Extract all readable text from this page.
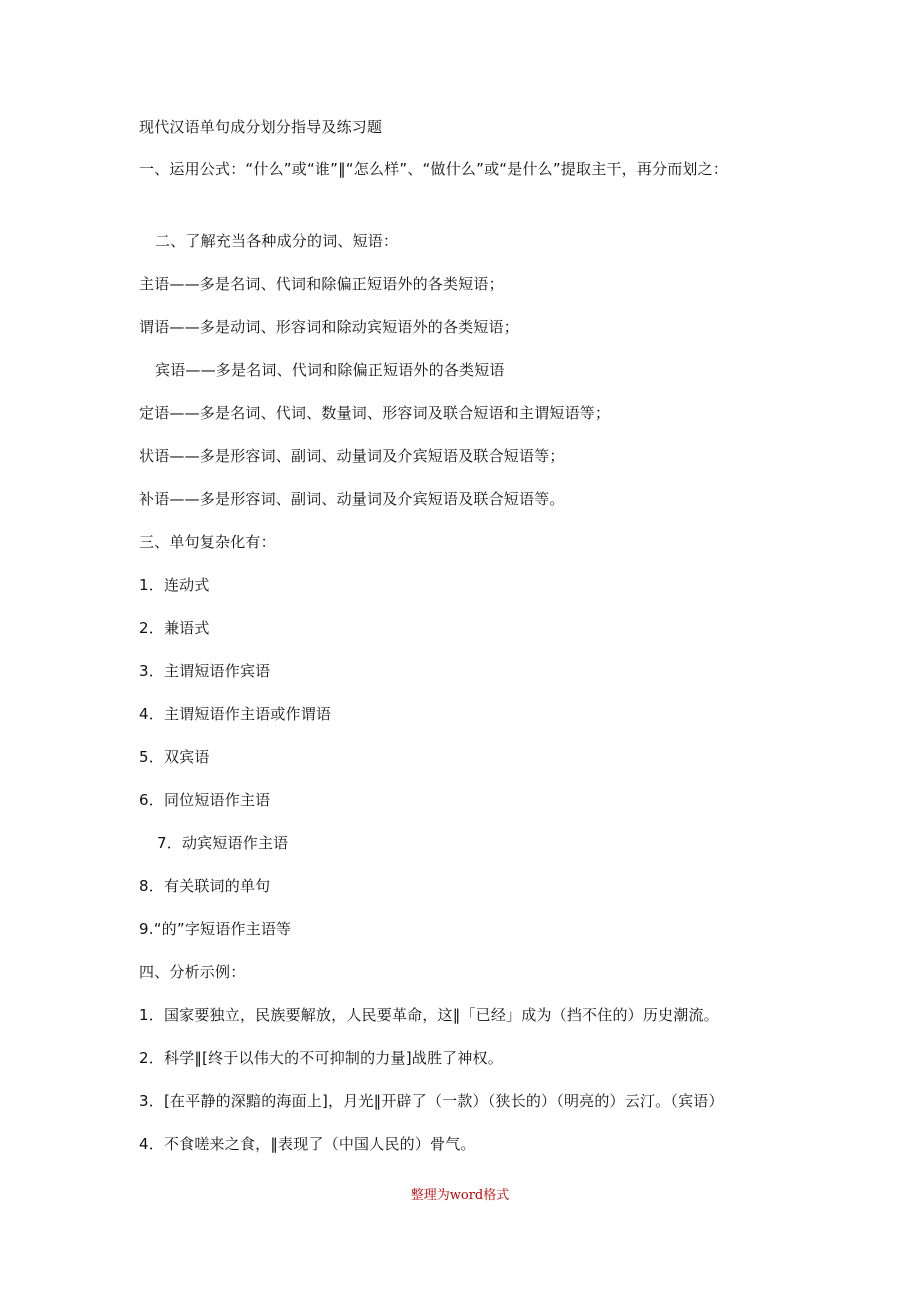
现代汉语单句成分划分指导及练习题
一、运用公式：“什么”或“谁”‖“怎么样”、“做什么”或“是什么”提取主干，再分而划之：
二、了解充当各种成分的词、短语：
主语——多是名词、代词和除偏正短语外的各类短语；
谓语——多是动词、形容词和除动宾短语外的各类短语；
宾语——多是名词、代词和除偏正短语外的各类短语
定语——多是名词、代词、数量词、形容词及联合短语和主谓短语等；
状语——多是形容词、副词、动量词及介宾短语及联合短语等；
补语——多是形容词、副词、动量词及介宾短语及联合短语等。
三、单句复杂化有：
1．连动式
2．兼语式
3．主谓短语作宾语
4．主谓短语作主语或作谓语
5．双宾语
6．同位短语作主语
7．动宾短语作主语
8．有关联词的单句
9.“的”字短语作主语等
四、分析示例：
1．国家要独立，民族要解放，人民要革命，这‖「已经」成为（挡不住的）历史潮流。
2．科学‖[终于以伟大的不可抑制的力量]战胜了神权。
3．[在平静的深黯的海面上]，月光‖开辟了（一款）（狭长的）（明亮的）云汀。（宾语）
4．不食嗟来之食，‖表现了（中国人民的）骨气。
整理为word格式
